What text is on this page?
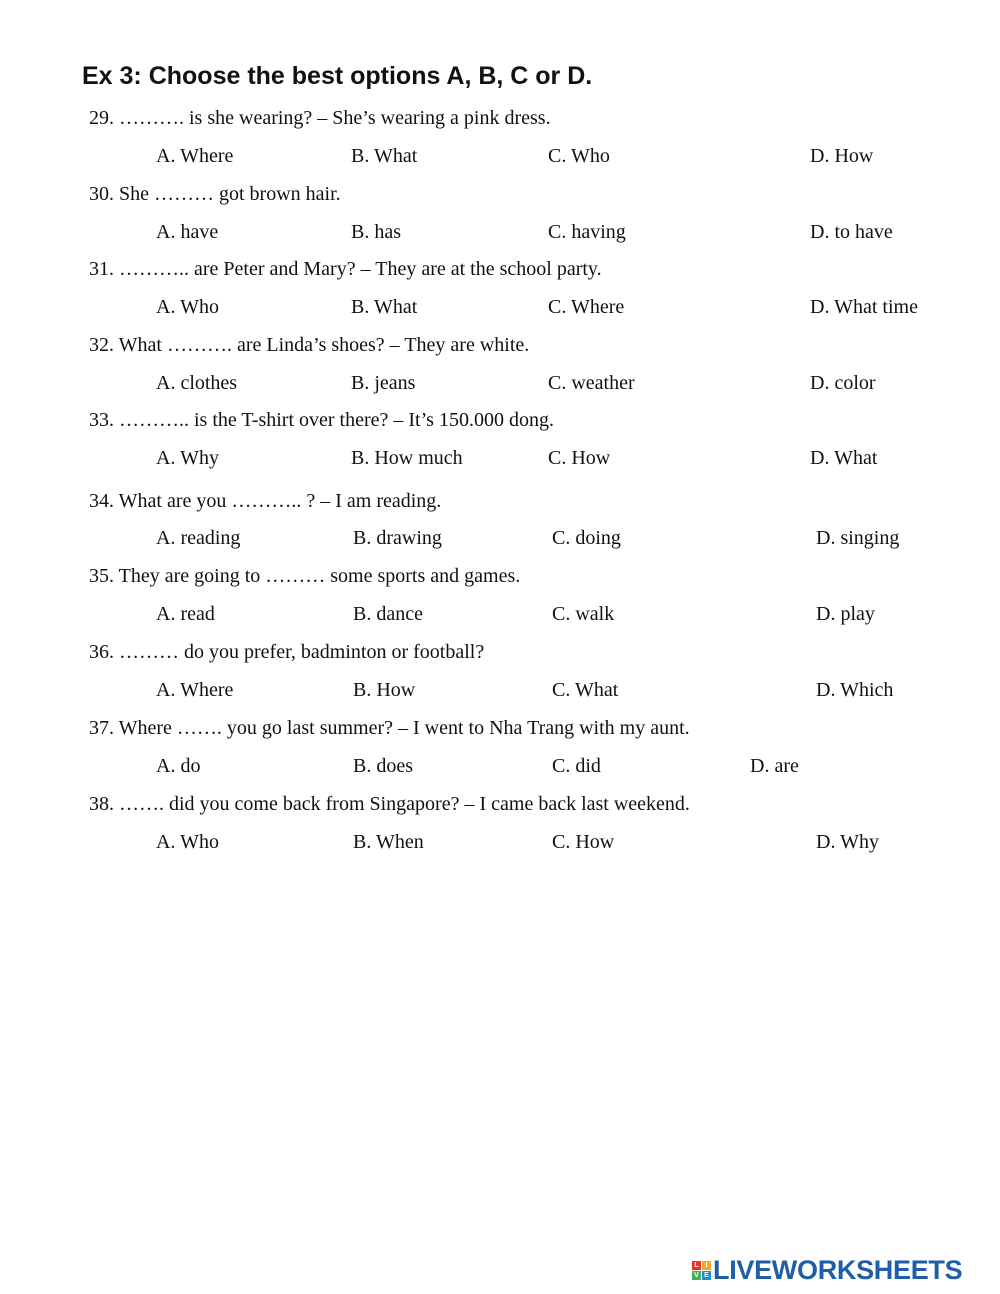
Ex 3: Choose the best options A, B, C or D.
29. ………. is she wearing? – She’s wearing a pink dress.
A. Where	B. What	C. Who	D. How
30. She ……… got brown hair.
A. have	B. has	C. having	D. to have
31. ……….. are Peter and Mary? – They are at the school party.
A. Who	B. What	C. Where	D. What time
32. What ………. are Linda’s shoes? – They are white.
A. clothes	B. jeans	C. weather	D. color
33. ……….. is the T-shirt over there? – It’s 150.000 dong.
A. Why	B. How much	C. How	D. What
34. What are you ……….. ? – I am reading.
A. reading	B. drawing	C. doing	D. singing
35. They are going to ……… some sports and games.
A. read	B. dance	C. walk	D. play
36. ……… do you prefer, badminton or football?
A. Where	B. How	C. What	D. Which
37. Where ……. you go last summer? – I went to Nha Trang with my aunt.
A. do	B. does	C. did	D. are
38. ……. did you come back from Singapore? – I came back last weekend.
A. Who	B. When	C. How	D. Why
L I
V E LIVEWORKSHEETS
